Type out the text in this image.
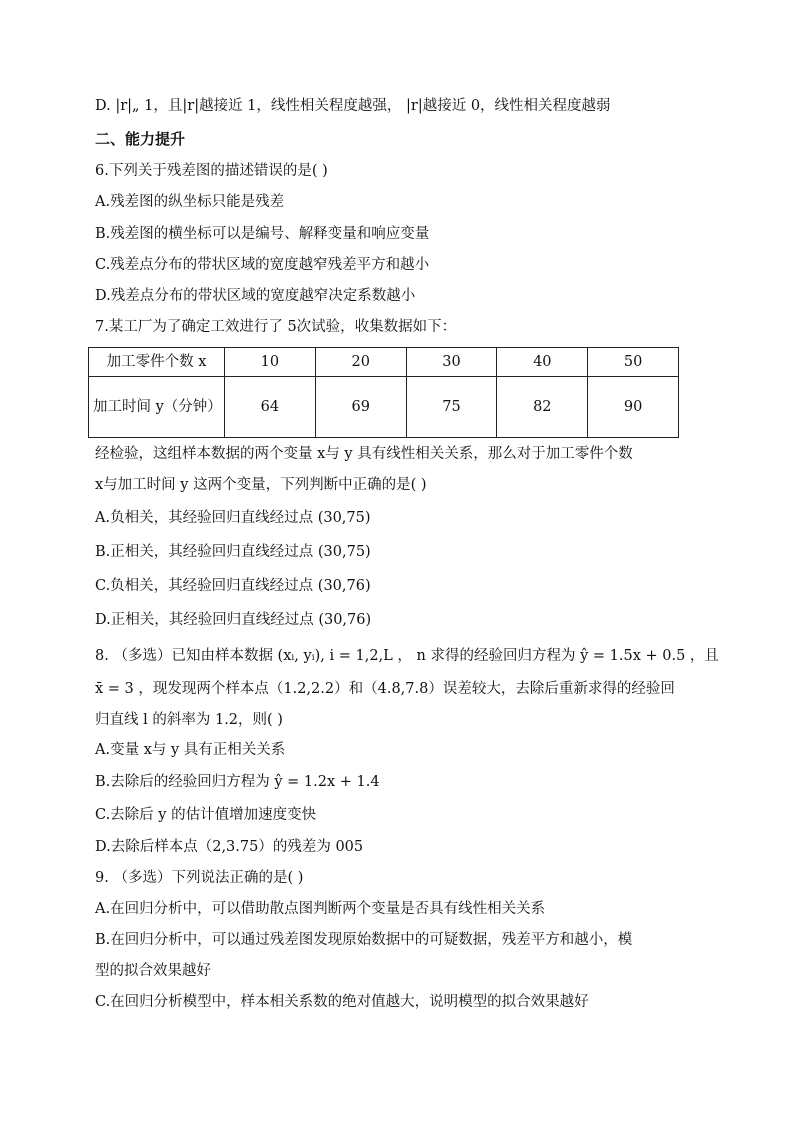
D. |r|„ 1，且|r|越接近 1，线性相关程度越强， |r|越接近 0，线性相关程度越弱
二、能力提升
6.下列关于残差图的描述错误的是( )
A.残差图的纵坐标只能是残差
B.残差图的横坐标可以是编号、解释变量和响应变量
C.残差点分布的带状区域的宽度越窄残差平方和越小
D.残差点分布的带状区域的宽度越窄决定系数越小
7.某工厂为了确定工效进行了 5次试验，收集数据如下：
加工零件个数 x	10	20	30	40	50
加工时间 y（分钟）	64	69	75	82	90
经检验，这组样本数据的两个变量 x与 y 具有线性相关关系，那么对于加工零件个数
x与加工时间 y 这两个变量，下列判断中正确的是( )
A.负相关，其经验回归直线经过点 (30,75)
B.正相关，其经验回归直线经过点 (30,75)
C.负相关，其经验回归直线经过点 (30,76)
D.正相关，其经验回归直线经过点 (30,76)
8. （多选）已知由样本数据 (xᵢ, yᵢ), i = 1,2,L ， n 求得的经验回归方程为 ŷ = 1.5x + 0.5 ，且
x̄ = 3 ，现发现两个样本点（1.2,2.2）和（4.8,7.8）误差较大，去除后重新求得的经验回
归直线 l 的斜率为 1.2，则( )
A.变量 x与 y 具有正相关关系
B.去除后的经验回归方程为 ŷ = 1.2x + 1.4
C.去除后 y 的估计值增加速度变快
D.去除后样本点（2,3.75）的残差为 005
9. （多选）下列说法正确的是( )
A.在回归分析中，可以借助散点图判断两个变量是否具有线性相关关系
B.在回归分析中，可以通过残差图发现原始数据中的可疑数据，残差平方和越小，模
型的拟合效果越好
C.在回归分析模型中，样本相关系数的绝对值越大，说明模型的拟合效果越好
